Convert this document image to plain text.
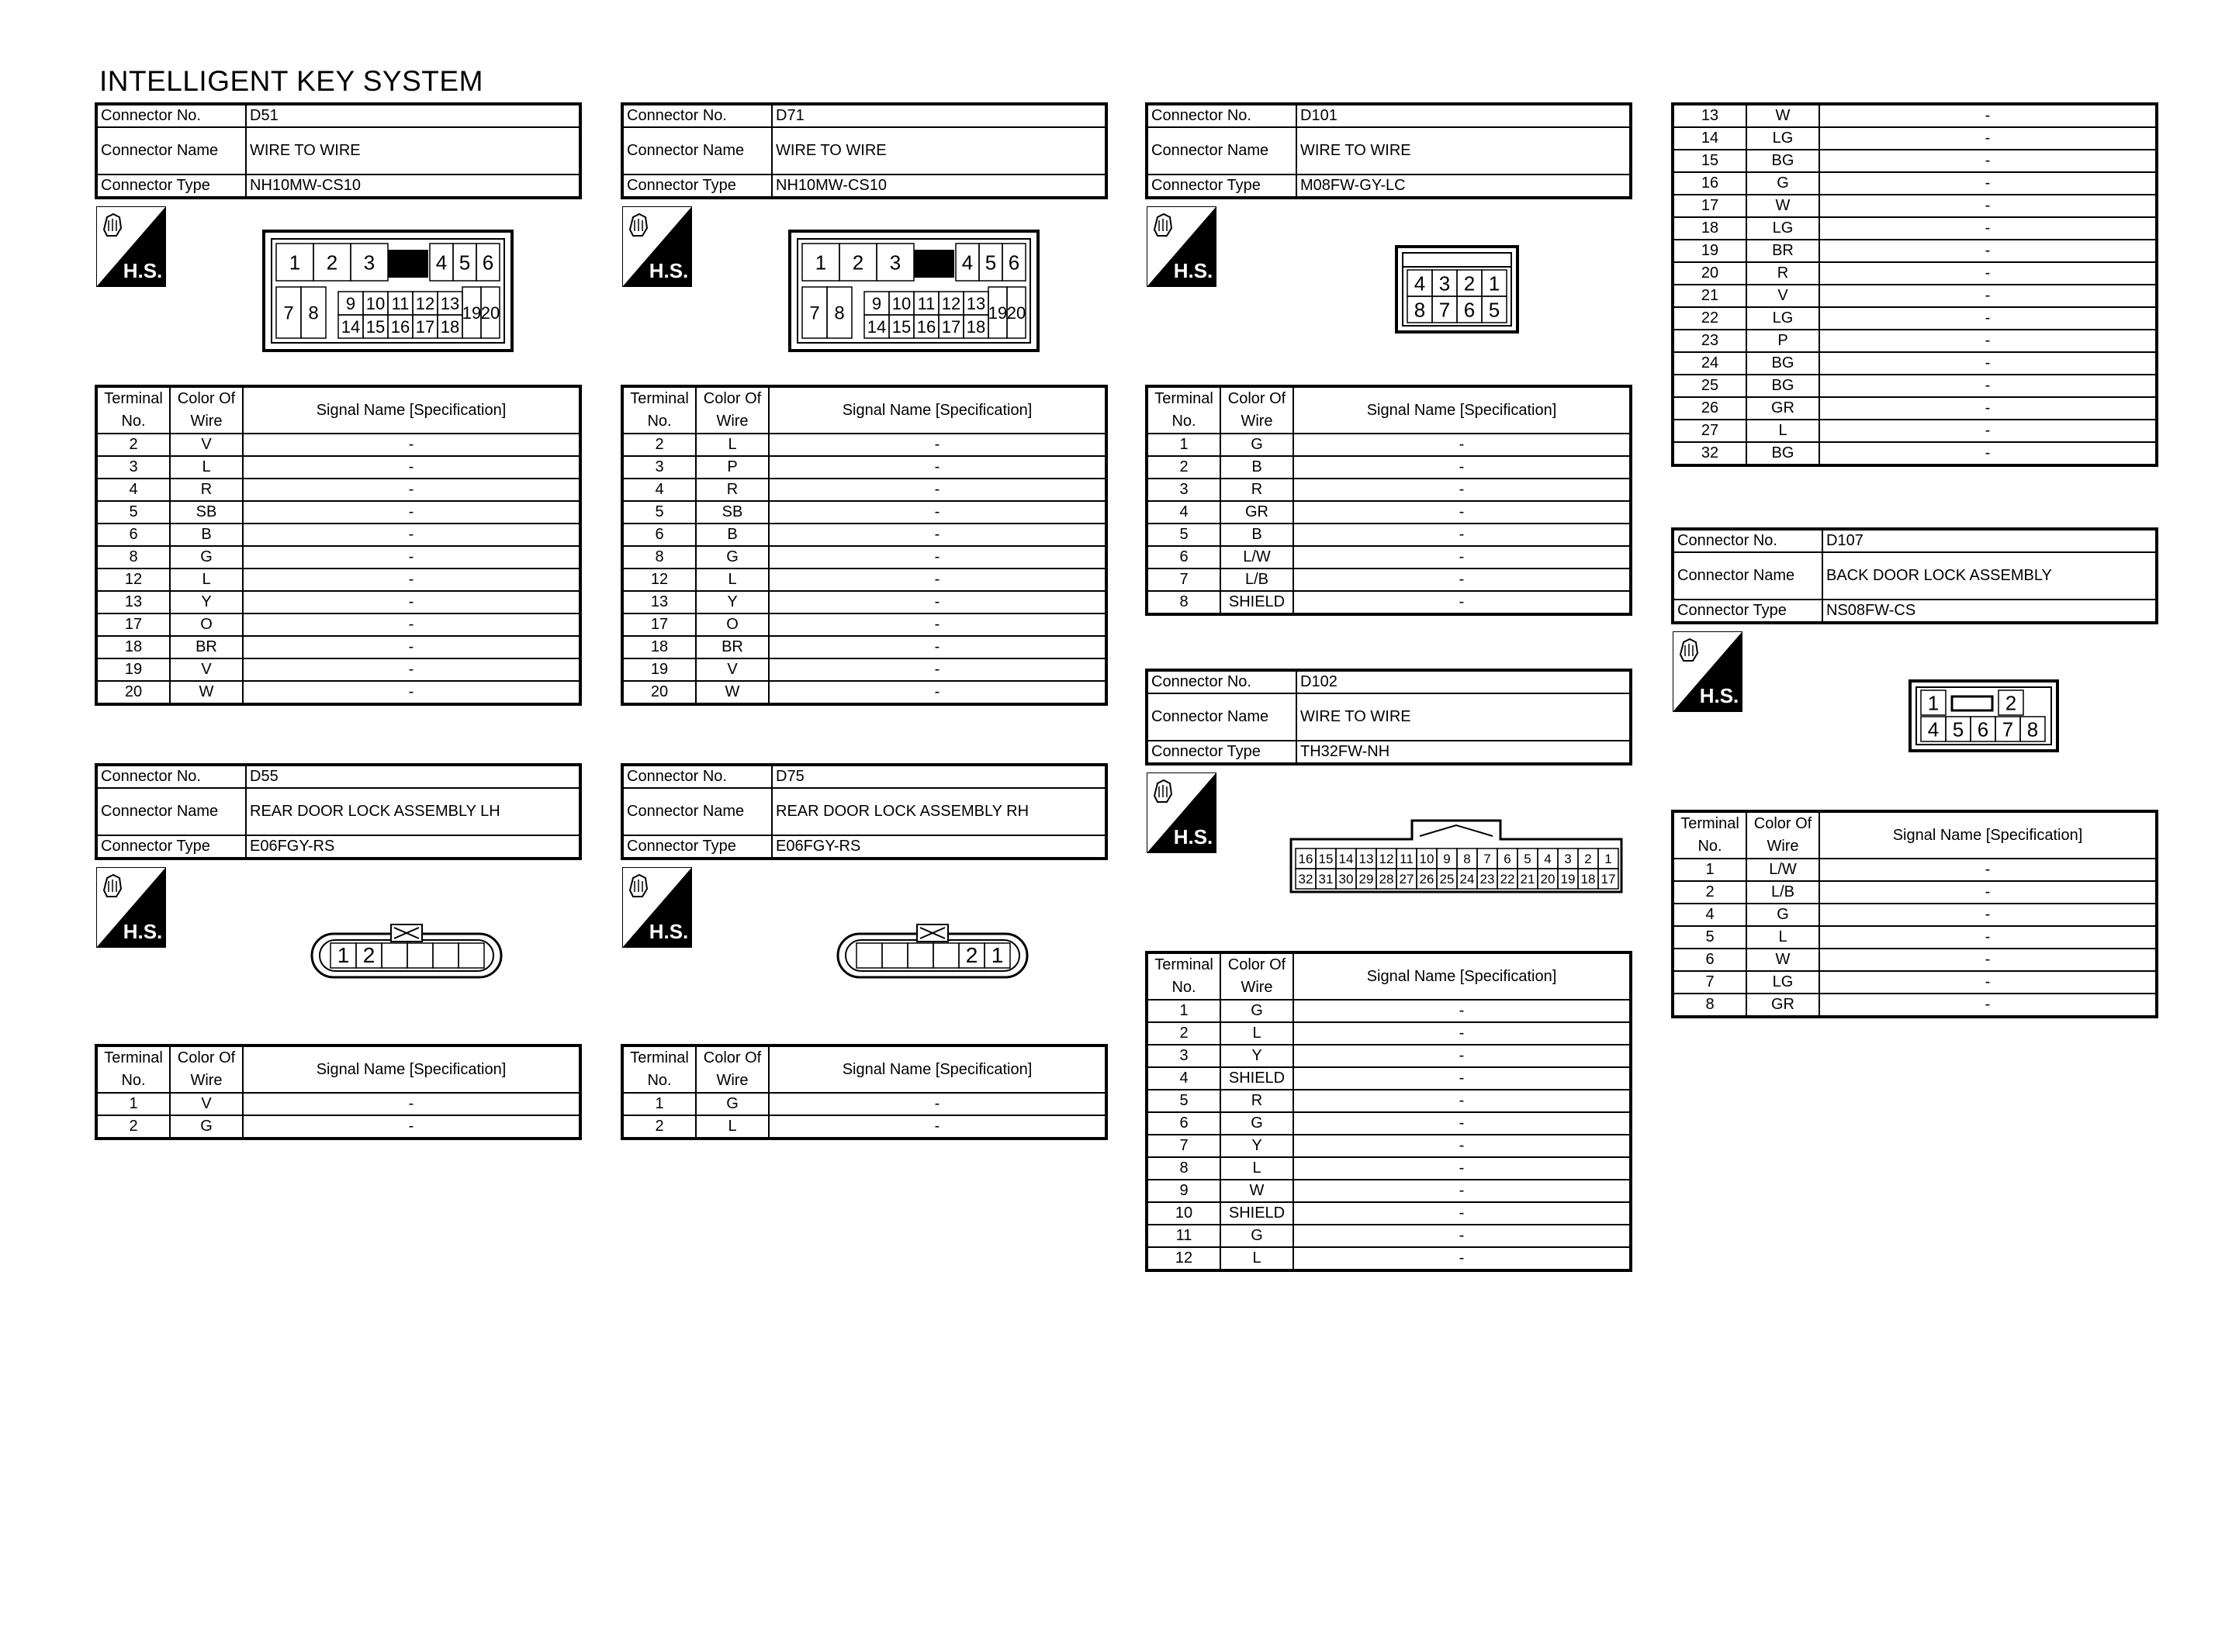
INTELLIGENT KEY SYSTEM
Connector No.	D51
Connector Name	WIRE TO WIRE
Connector Type	NH10MW-CS10
H.S.	1 2 3	4 5 6
7 8 9
14
10
15
11
16
12
17
13
18
19 20
Terminal No.	Color Of Wire	Signal Name [Specification]
2	V	-
3	L	-
4	R	-
5	SB	-
6	B	-
8	G	-
12	L	-
13	Y	-
17	O	-
18	BR	-
19	V	-
20	W	-
Connector No.	D71
Connector Name	WIRE TO WIRE
Connector Type	NH10MW-CS10
H.S.	1 2 3	4 5 6
7 8 9
14
10
15
11
16
12
17
13
18
19 20
Terminal No.	Color Of Wire	Signal Name [Specification]
2	L	-
3	P	-
4	R	-
5	SB	-
6	B	-
8	G	-
12	L	-
13	Y	-
17	O	-
18	BR	-
19	V	-
20	W	-
Connector No.	D101
Connector Name	WIRE TO WIRE
Connector Type	M08FW-GY-LC
H.S.
4
8
3
7
2
6
1
5
Terminal No.	Color Of Wire	Signal Name [Specification]
1	G	-
2	B	-
3	R	-
4	GR	-
5	B	-
6	L/W	-
7	L/B	-
8	SHIELD	-
Connector No.	D102
Connector Name	WIRE TO WIRE
Connector Type	TH32FW-NH
H.S.
16
32
15
31
14
30
13
29
12
28
11
27
10
26
9
25
8
24
7
23
6
22
5
21
4
20
3
19
2
18
1
17
Terminal No.	Color Of Wire	Signal Name [Specification]
1	G	-
2	L	-
3	Y	-
4	SHIELD	-
5	R	-
6	G	-
7	Y	-
8	L	-
9	W	-
10	SHIELD	-
11	G	-
12	L	-
13	W	-
14	LG	-
15	BG	-
16	G	-
17	W	-
18	LG	-
19	BR	-
20	R	-
21	V	-
22	LG	-
23	P	-
24	BG	-
25	BG	-
26	GR	-
27	L	-
32	BG	-
Connector No.	D55
Connector Name	REAR DOOR LOCK ASSEMBLY LH
Connector Type	E06FGY-RS
H.S.
1 2
Terminal No.	Color Of Wire	Signal Name [Specification]
1	V	-
2	G	-
Connector No.	D75
Connector Name	REAR DOOR LOCK ASSEMBLY RH
Connector Type	E06FGY-RS
H.S.
2 1
Terminal No.	Color Of Wire	Signal Name [Specification]
1	G	-
2	L	-
Connector No.	D107
Connector Name	BACK DOOR LOCK ASSEMBLY
Connector Type	NS08FW-CS
H.S.	1	2
4 5 6 7 8
Terminal No.	Color Of Wire	Signal Name [Specification]
1	L/W	-
2	L/B	-
4	G	-
5	L	-
6	W	-
7	LG	-
8	GR	-
